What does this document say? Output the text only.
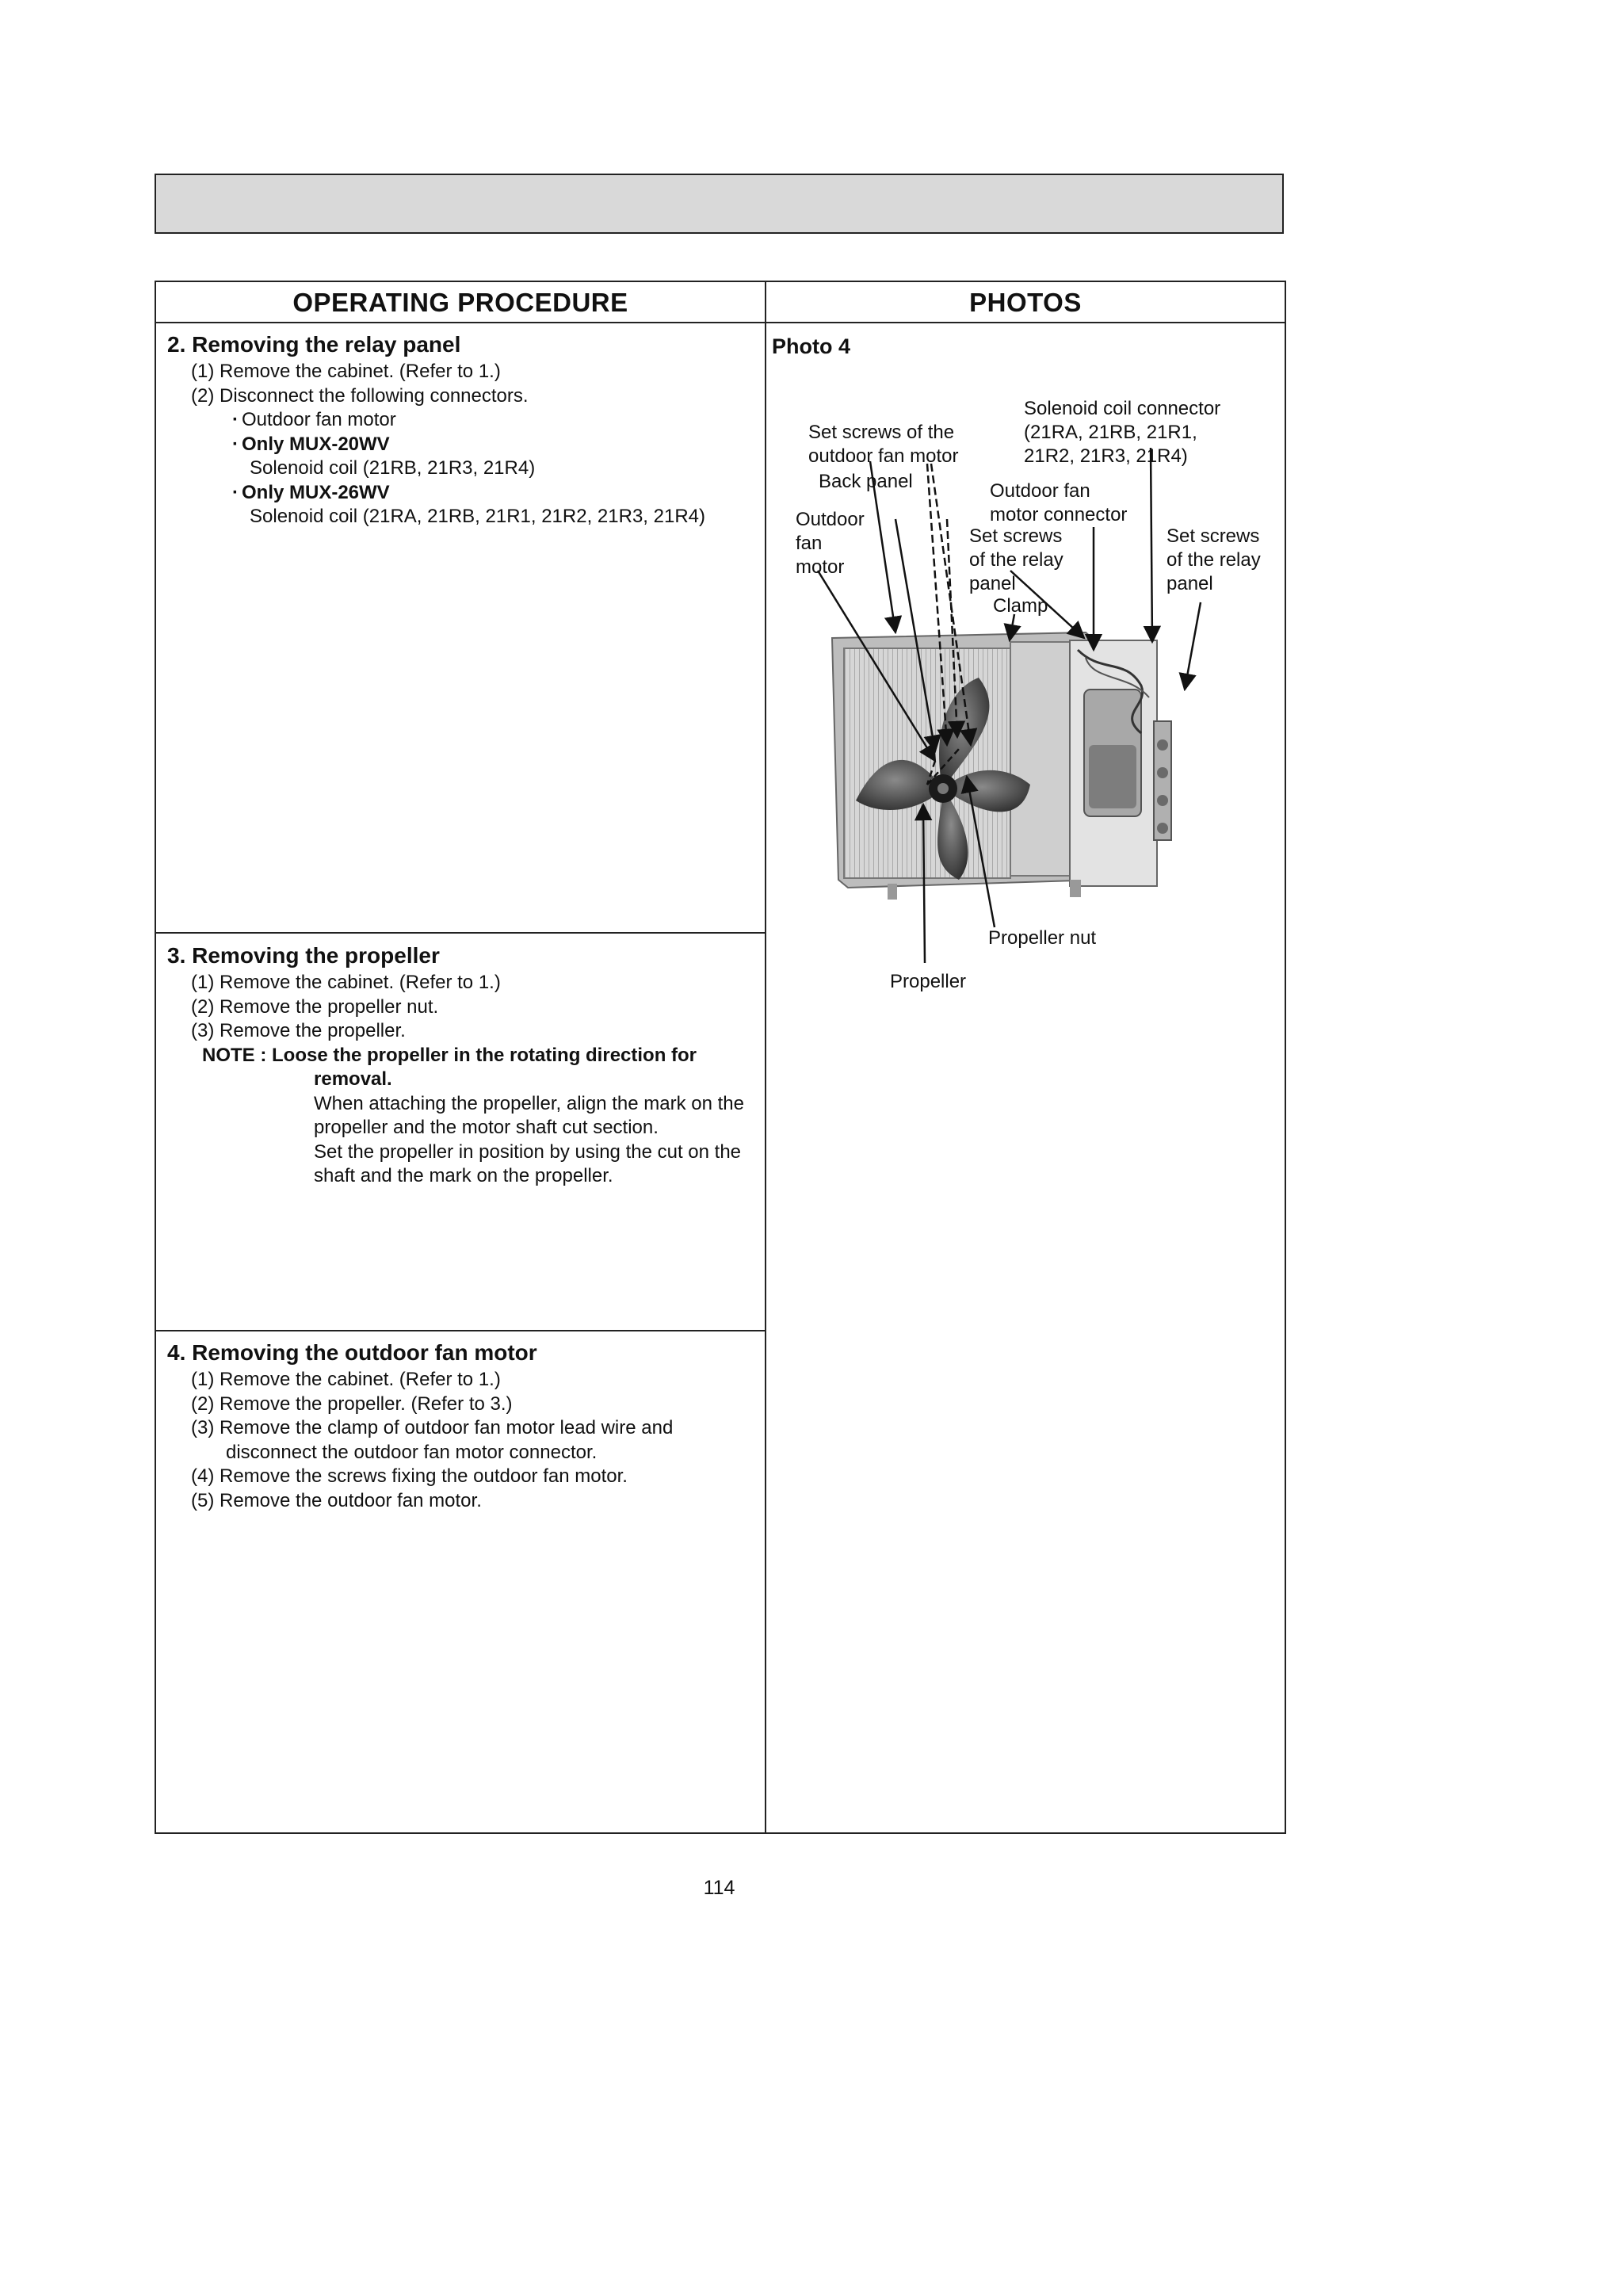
OPERATING PROCEDURE	PHOTOS
2. Removing the relay panel
(1) Remove the cabinet. (Refer to 1.)
(2) Disconnect the following connectors.
· Outdoor fan motor
· Only MUX-20WV
Solenoid coil (21RB, 21R3, 21R4)
· Only MUX-26WV
Solenoid coil (21RA, 21RB, 21R1, 21R2, 21R3, 21R4)
3. Removing the propeller
(1) Remove the cabinet. (Refer to 1.)
(2) Remove the propeller nut.
(3) Remove the propeller.
NOTE : Loose the propeller in the rotating direction for
removal.
When attaching the propeller, align the mark on the
propeller and the motor shaft cut section.
Set the propeller in position by using the cut on the
shaft and the mark on the propeller.
4. Removing the outdoor fan motor
(1) Remove the cabinet. (Refer to 1.)
(2) Remove the propeller. (Refer to 3.)
(3) Remove the clamp of outdoor fan motor lead wire and
disconnect the outdoor fan motor connector.
(4) Remove the screws fixing the outdoor fan motor.
(5) Remove the outdoor fan motor.
Photo 4
Set screws of the outdoor fan motor
Solenoid coil connector (21RA, 21RB, 21R1, 21R2, 21R3, 21R4)
Back panel	Outdoor fan motor connector
Outdoor fan motor
Set screws of the relay panel
Set screws of the relay panel
Clamp
Propeller nut
Propeller
114
